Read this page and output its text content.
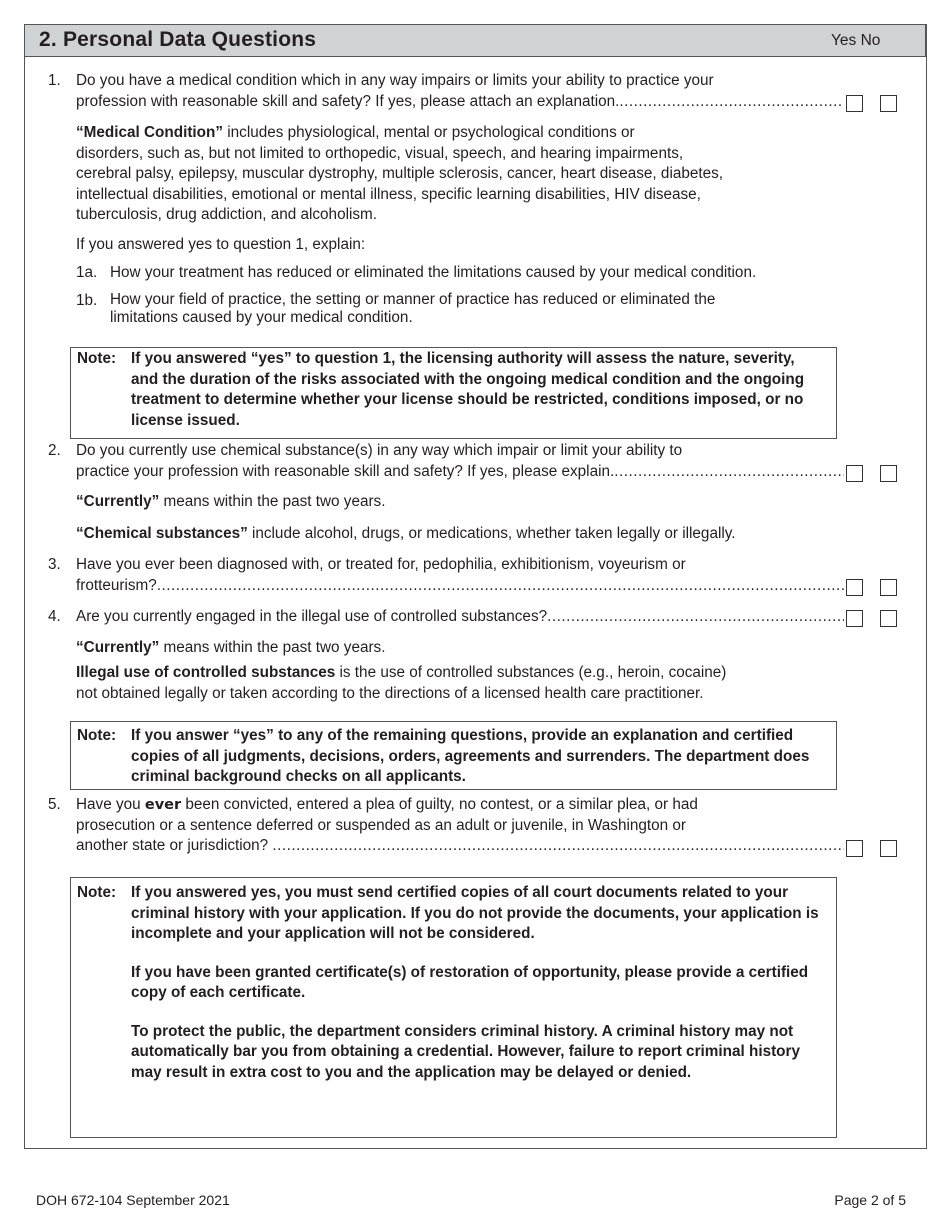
2. Personal Data Questions	Yes No
1. Do you have a medical condition which in any way impairs or limits your ability to practice your
profession with reasonable skill and safety? If yes, please attach an explanation.
.....
“Medical Condition” includes physiological, mental or psychological conditions or
disorders, such as, but not limited to orthopedic, visual, speech, and hearing impairments,
cerebral palsy, epilepsy, muscular dystrophy, multiple sclerosis, cancer, heart disease, diabetes,
intellectual disabilities, emotional or mental illness, specific learning disabilities, HIV disease,
tuberculosis, drug addiction, and alcoholism.
If you answered yes to question 1, explain:
1a. How your treatment has reduced or eliminated the limitations caused by your medical condition.
1b. How your field of practice, the setting or manner of practice has reduced or eliminated the
limitations caused by your medical condition.
Note: If you answered “yes” to question 1, the licensing authority will assess the nature, severity, and the duration of the risks associated with the ongoing medical condition and the ongoing treatment to determine whether your license should be restricted, conditions imposed, or no license issued.
2. Do you currently use chemical substance(s) in any way which impair or limit your ability to
practice your profession with reasonable skill and safety? If yes, please explain.
.....
“Currently” means within the past two years.
“Chemical substances” include alcohol, drugs, or medications, whether taken legally or illegally.
3. Have you ever been diagnosed with, or treated for, pedophilia, exhibitionism, voyeurism or
frotteurism?
.....
4. Are you currently engaged in the illegal use of controlled substances?
.....
“Currently” means within the past two years.
Illegal use of controlled substances is the use of controlled substances (e.g., heroin, cocaine)
not obtained legally or taken according to the directions of a licensed health care practitioner.
Note: If you answer “yes” to any of the remaining questions, provide an explanation and certified copies of all judgments, decisions, orders, agreements and surrenders. The department does criminal background checks on all applicants.
5. Have you ever been convicted, entered a plea of guilty, no contest, or a similar plea, or had
prosecution or a sentence deferred or suspended as an adult or juvenile, in Washington or
another state or jurisdiction?
.....
Note: If you answered yes, you must send certified copies of all court documents related to your criminal history with your application. If you do not provide the documents, your application is incomplete and your application will not be considered.
If you have been granted certificate(s) of restoration of opportunity, please provide a certified copy of each certificate.
To protect the public, the department considers criminal history. A criminal history may not automatically bar you from obtaining a credential. However, failure to report criminal history may result in extra cost to you and the application may be delayed or denied.
DOH 672-104 September 2021	Page 2 of 5
